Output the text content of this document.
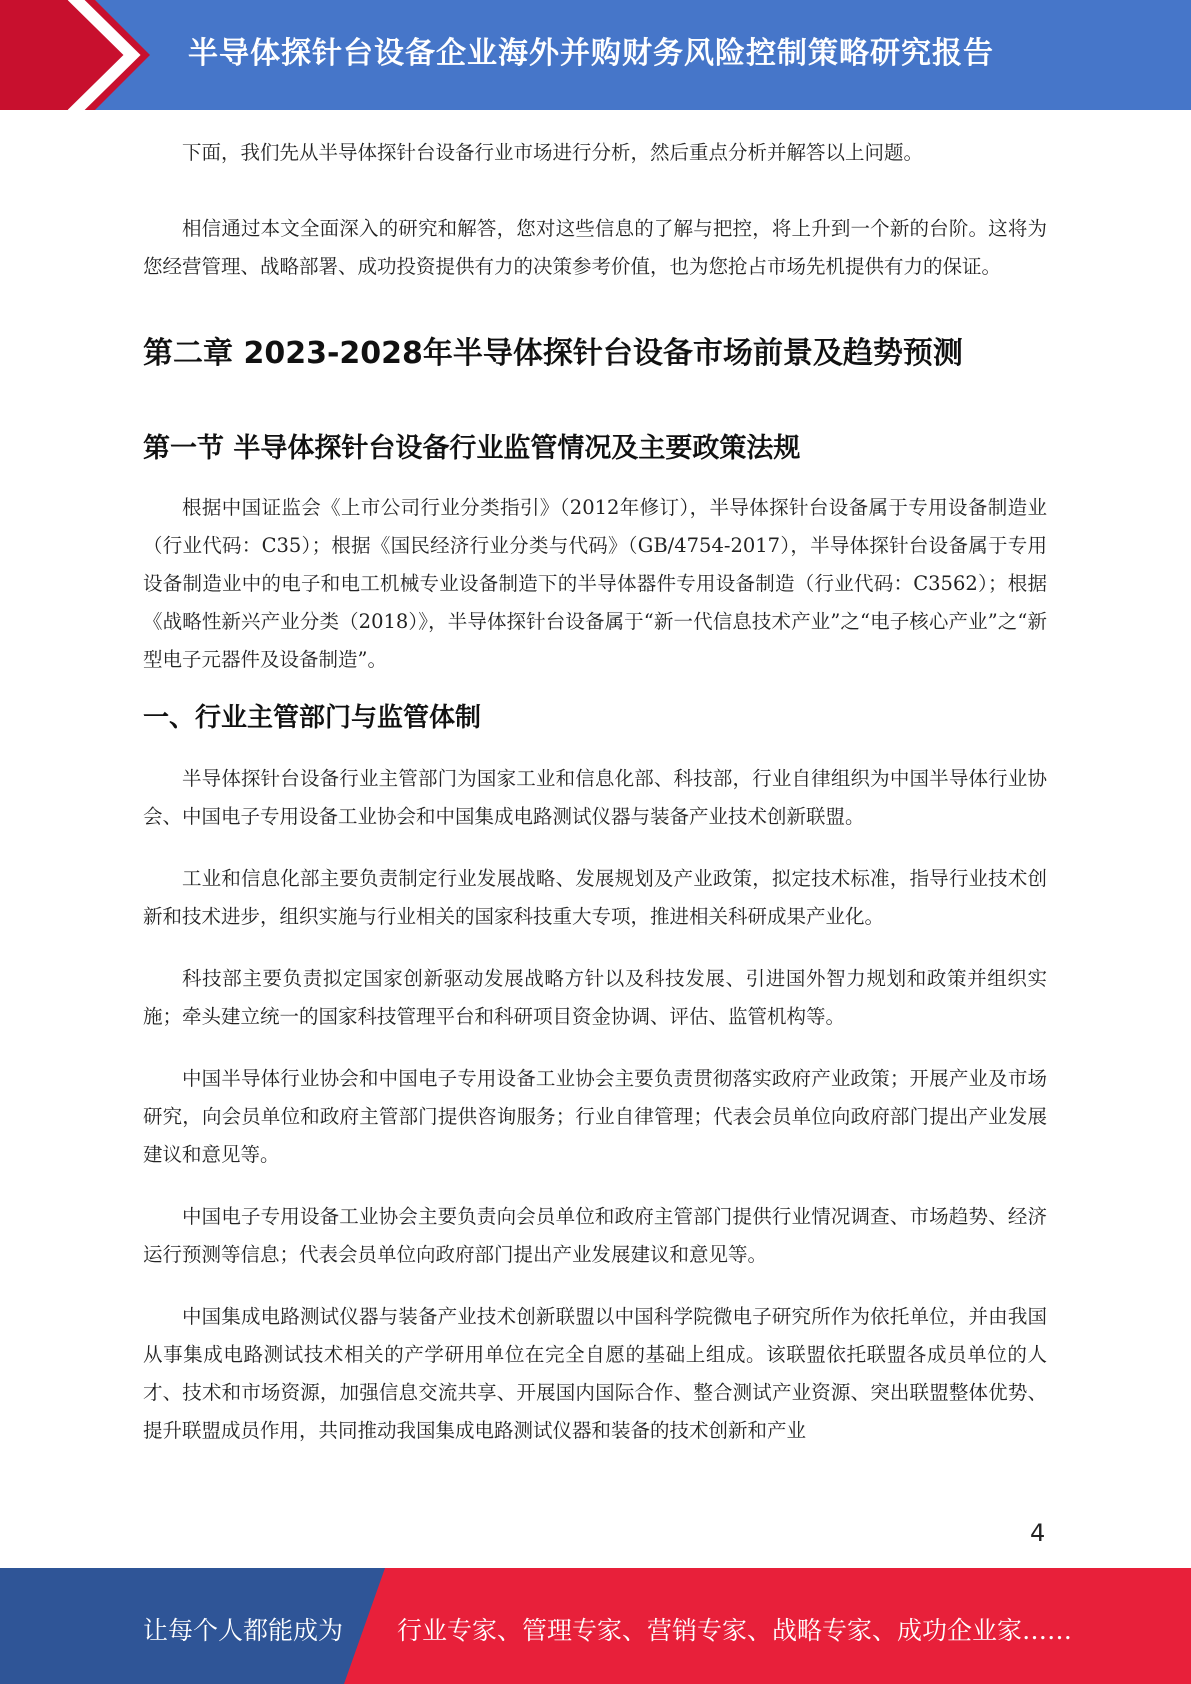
半导体探针台设备企业海外并购财务风险控制策略研究报告

下面，我们先从半导体探针台设备行业市场进行分析，然后重点分析并解答以上问题。

相信通过本文全面深入的研究和解答，您对这些信息的了解与把控，将上升到一个新的台阶。这将为您经营管理、战略部署、成功投资提供有力的决策参考价值，也为您抢占市场先机提供有力的保证。

第二章 2023-2028年半导体探针台设备市场前景及趋势预测
第一节 半导体探针台设备行业监管情况及主要政策法规

根据中国证监会《上市公司行业分类指引》（2012年修订），半导体探针台设备属于专用设备制造业（行业代码：C35）；根据《国民经济行业分类与代码》（GB/4754-2017），半导体探针台设备属于专用设备制造业中的电子和电工机械专业设备制造下的半导体器件专用设备制造（行业代码：C3562）；根据《战略性新兴产业分类（2018）》，半导体探针台设备属于“新一代信息技术产业”之“电子核心产业”之“新型电子元器件及设备制造”。

一、行业主管部门与监管体制

半导体探针台设备行业主管部门为国家工业和信息化部、科技部，行业自律组织为中国半导体行业协会、中国电子专用设备工业协会和中国集成电路测试仪器与装备产业技术创新联盟。

工业和信息化部主要负责制定行业发展战略、发展规划及产业政策，拟定技术标准，指导行业技术创新和技术进步，组织实施与行业相关的国家科技重大专项，推进相关科研成果产业化。

科技部主要负责拟定国家创新驱动发展战略方针以及科技发展、引进国外智力规划和政策并组织实施；牵头建立统一的国家科技管理平台和科研项目资金协调、评估、监管机构等。

中国半导体行业协会和中国电子专用设备工业协会主要负责贯彻落实政府产业政策；开展产业及市场研究，向会员单位和政府主管部门提供咨询服务；行业自律管理；代表会员单位向政府部门提出产业发展建议和意见等。

中国电子专用设备工业协会主要负责向会员单位和政府主管部门提供行业情况调查、市场趋势、经济运行预测等信息；代表会员单位向政府部门提出产业发展建议和意见等。

中国集成电路测试仪器与装备产业技术创新联盟以中国科学院微电子研究所作为依托单位，并由我国从事集成电路测试技术相关的产学研用单位在完全自愿的基础上组成。该联盟依托联盟各成员单位的人才、技术和市场资源，加强信息交流共享、开展国内国际合作、整合测试产业资源、突出联盟整体优势、提升联盟成员作用，共同推动我国集成电路测试仪器和装备的技术创新和产业

4
让每个人都能成为 行业专家、管理专家、营销专家、战略专家、成功企业家……
